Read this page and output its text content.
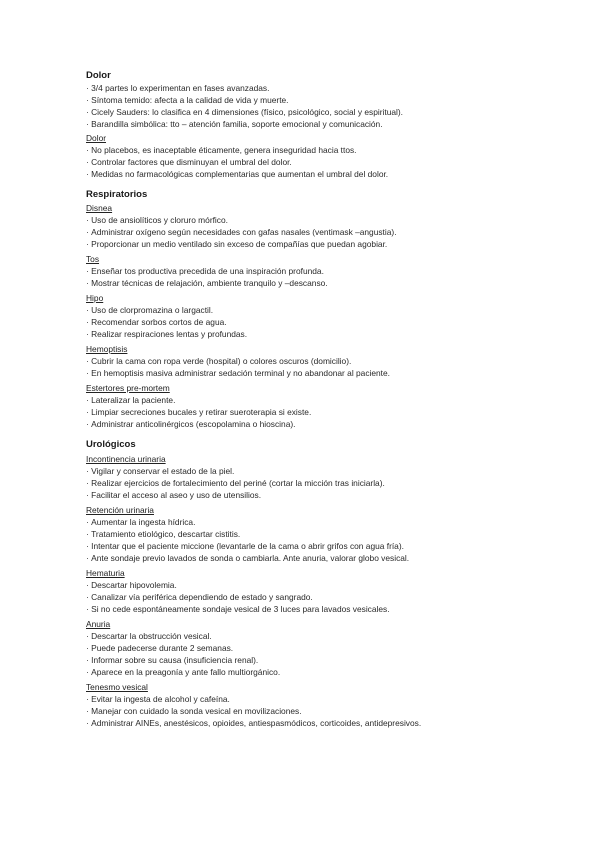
Dolor
· 3/4 partes lo experimentan en fases avanzadas.
· Síntoma temido: afecta a la calidad de vida y muerte.
· Cicely Sauders: lo clasifica en 4 dimensiones (físico, psicológico, social y espiritual).
· Barandilla simbólica: tto – atención familia, soporte emocional y comunicación.
Dolor
· No placebos, es inaceptable éticamente, genera inseguridad hacia ttos.
· Controlar factores que disminuyan el umbral del dolor.
· Medidas no farmacológicas complementarias que aumentan el umbral del dolor.
Respiratorios
Disnea
· Uso de ansiolíticos y cloruro mórfico.
· Administrar oxígeno según necesidades con gafas nasales (ventimask –angustia).
· Proporcionar un medio ventilado sin exceso de compañías que puedan agobiar.
Tos
· Enseñar tos productiva precedida de una inspiración profunda.
· Mostrar técnicas de relajación, ambiente tranquilo y –descanso.
Hipo
· Uso de clorpromazina o largactil.
· Recomendar sorbos cortos de agua.
· Realizar respiraciones lentas y profundas.
Hemoptisis
· Cubrir la cama con ropa verde (hospital) o colores oscuros (domicilio).
· En hemoptisis masiva administrar sedación terminal y no abandonar al paciente.
Estertores pre-mortem
· Lateralizar la paciente.
· Limpiar secreciones bucales y retirar sueroterapia si existe.
· Administrar anticolinérgicos (escopolamina o hioscina).
Urológicos
Incontinencia urinaria
· Vigilar y conservar el estado de la piel.
· Realizar ejercicios de fortalecimiento del periné (cortar la micción tras iniciarla).
· Facilitar el acceso al aseo y uso de utensilios.
Retención urinaria
· Aumentar la ingesta hídrica.
· Tratamiento etiológico, descartar cistitis.
· Intentar que el paciente miccione (levantarle de la cama o abrir grifos con agua fría).
· Ante sondaje previo lavados de sonda o cambiarla. Ante anuria, valorar globo vesical.
Hematuria
· Descartar hipovolemia.
· Canalizar vía periférica dependiendo de estado y sangrado.
· Si no cede espontáneamente sondaje vesical de 3 luces para lavados vesicales.
Anuria
· Descartar la obstrucción vesical.
· Puede padecerse durante 2 semanas.
· Informar sobre su causa (insuficiencia renal).
· Aparece en la preagonía y ante fallo multiorgánico.
Tenesmo vesical
· Evitar la ingesta de alcohol y cafeína.
· Manejar con cuidado la sonda vesical en movilizaciones.
· Administrar AINEs, anestésicos, opioides, antiespasmódicos, corticoides, antidepresivos.
